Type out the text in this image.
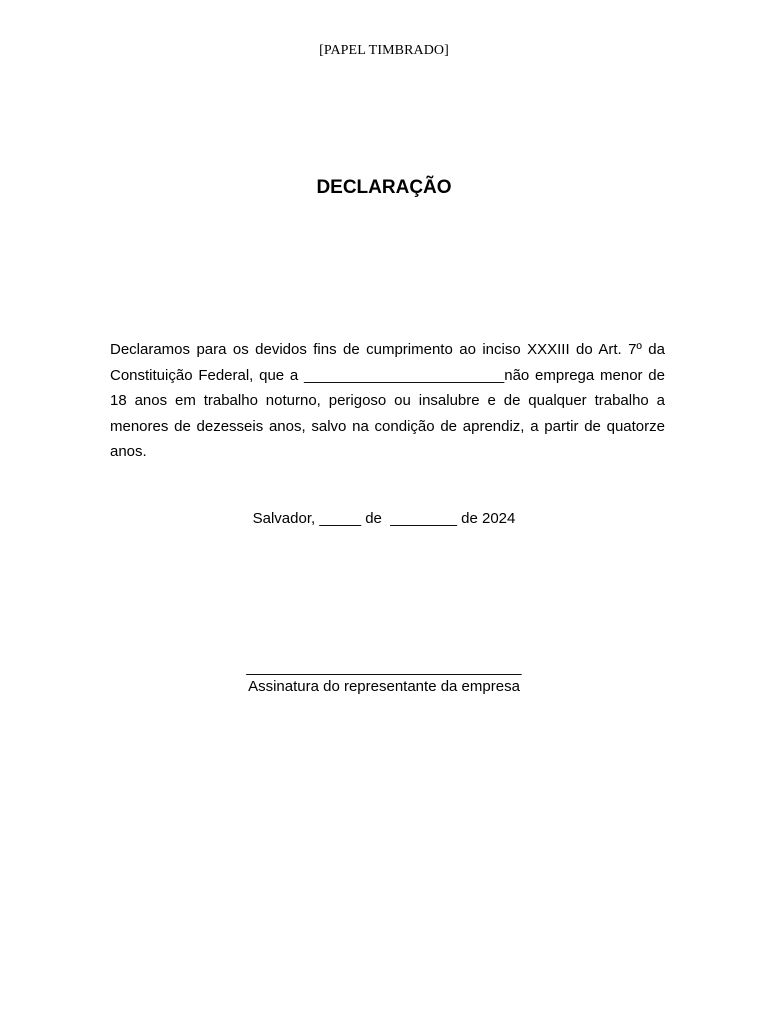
[PAPEL TIMBRADO]
DECLARAÇÃO

Declaramos para os devidos fins de cumprimento ao inciso XXXIII do Art. 7º da Constituição Federal, que a ________________________não emprega menor de 18 anos em trabalho noturno, perigoso ou insalubre e de qualquer trabalho a menores de dezesseis anos, salvo na condição de aprendiz, a partir de quatorze anos.

Salvador, _____ de  ________ de 2024
_________________________________
Assinatura do representante da empresa
